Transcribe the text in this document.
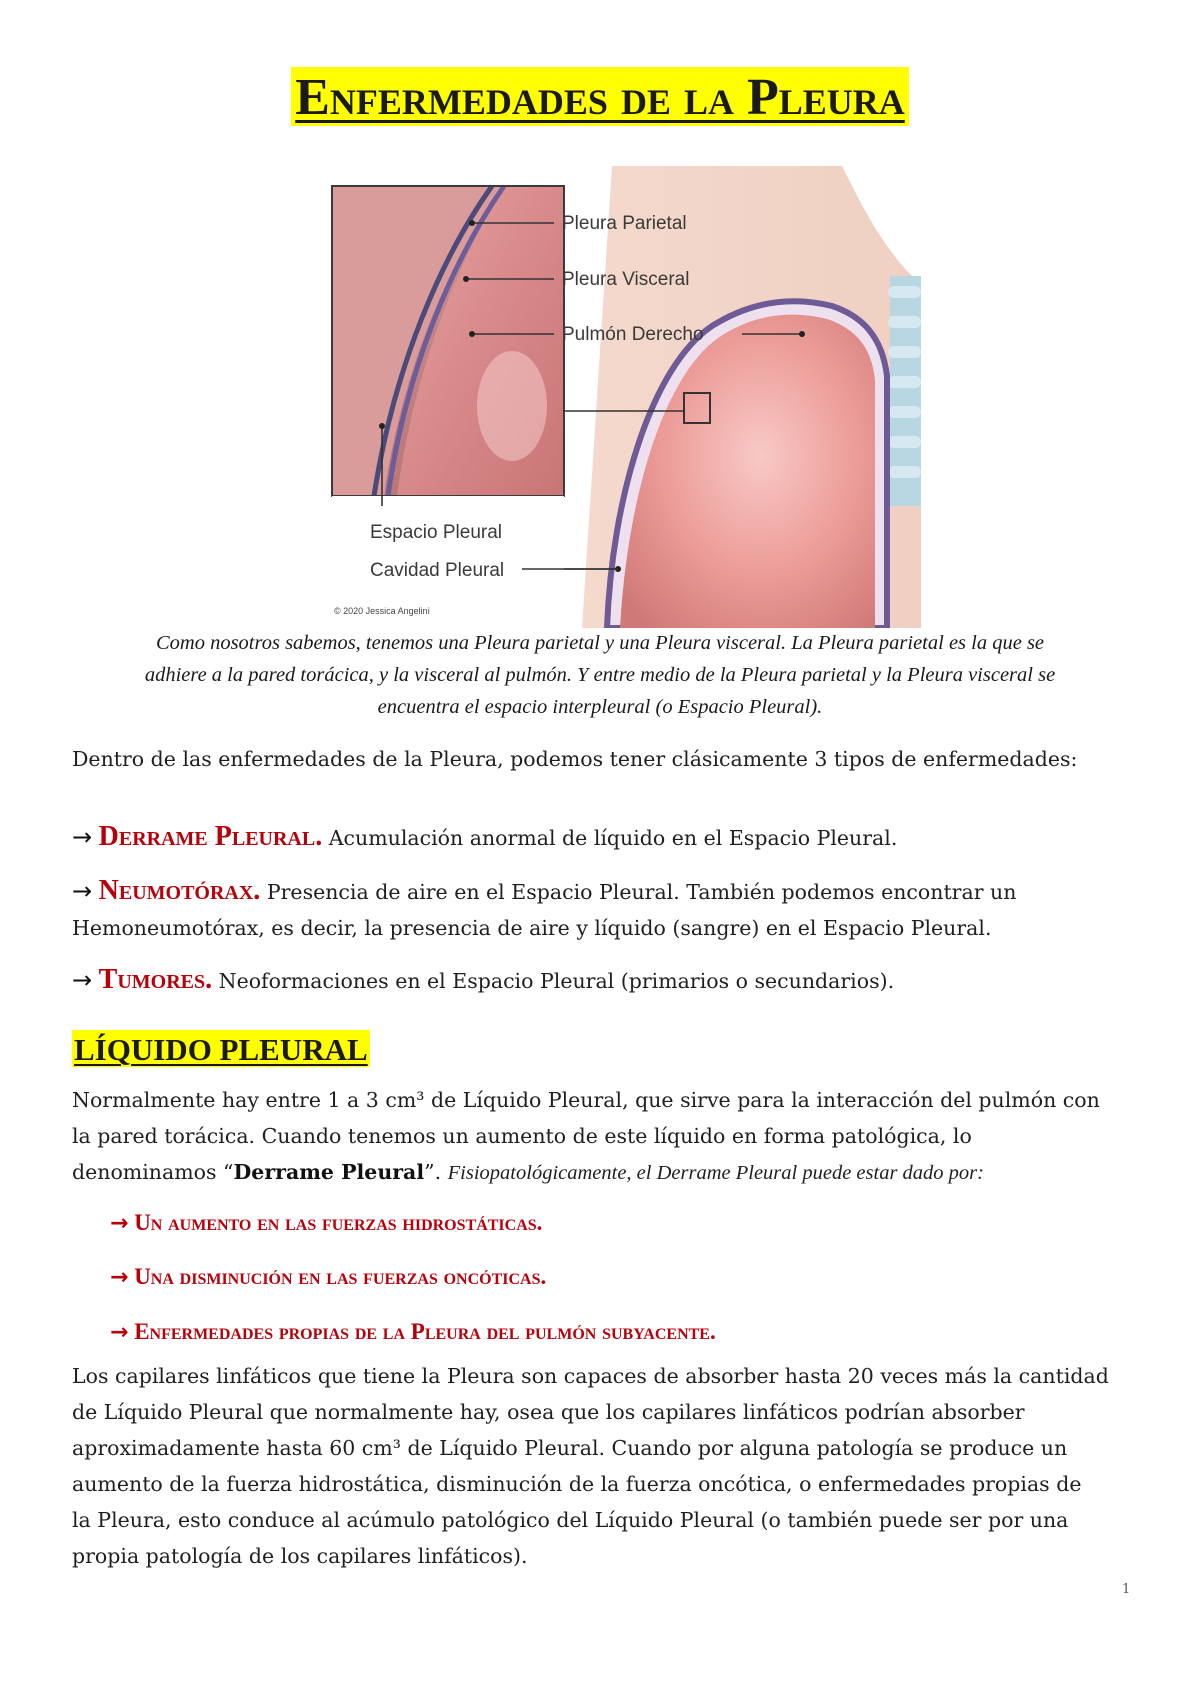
Enfermedades de la Pleura
Pleura Parietal
Pleura Visceral
Pulmón Derecho
Espacio Pleural
Cavidad Pleural
© 2020 Jessica Angelini
Como nosotros sabemos, tenemos una Pleura parietal y una Pleura visceral. La Pleura parietal es la que se
adhiere a la pared torácica, y la visceral al pulmón. Y entre medio de la Pleura parietal y la Pleura visceral se
encuentra el espacio interpleural (o Espacio Pleural).

Dentro de las enfermedades de la Pleura, podemos tener clásicamente 3 tipos de enfermedades:

→ Derrame Pleural. Acumulación anormal de líquido en el Espacio Pleural.
→ Neumotórax. Presencia de aire en el Espacio Pleural. También podemos encontrar un
Hemoneumotórax, es decir, la presencia de aire y líquido (sangre) en el Espacio Pleural.
→ Tumores. Neoformaciones en el Espacio Pleural (primarios o secundarios).
LÍQUIDO PLEURAL
Normalmente hay entre 1 a 3 cm³ de Líquido Pleural, que sirve para la interacción del pulmón con
la pared torácica. Cuando tenemos un aumento de este líquido en forma patológica, lo
denominamos “Derrame Pleural”. Fisiopatológicamente, el Derrame Pleural puede estar dado por:
→ Un aumento en las fuerzas hidrostáticas.
→ Una disminución en las fuerzas oncóticas.
→ Enfermedades propias de la Pleura del pulmón subyacente.
Los capilares linfáticos que tiene la Pleura son capaces de absorber hasta 20 veces más la cantidad
de Líquido Pleural que normalmente hay, osea que los capilares linfáticos podrían absorber
aproximadamente hasta 60 cm³ de Líquido Pleural. Cuando por alguna patología se produce un
aumento de la fuerza hidrostática, disminución de la fuerza oncótica, o enfermedades propias de
la Pleura, esto conduce al acúmulo patológico del Líquido Pleural (o también puede ser por una
propia patología de los capilares linfáticos).

1
